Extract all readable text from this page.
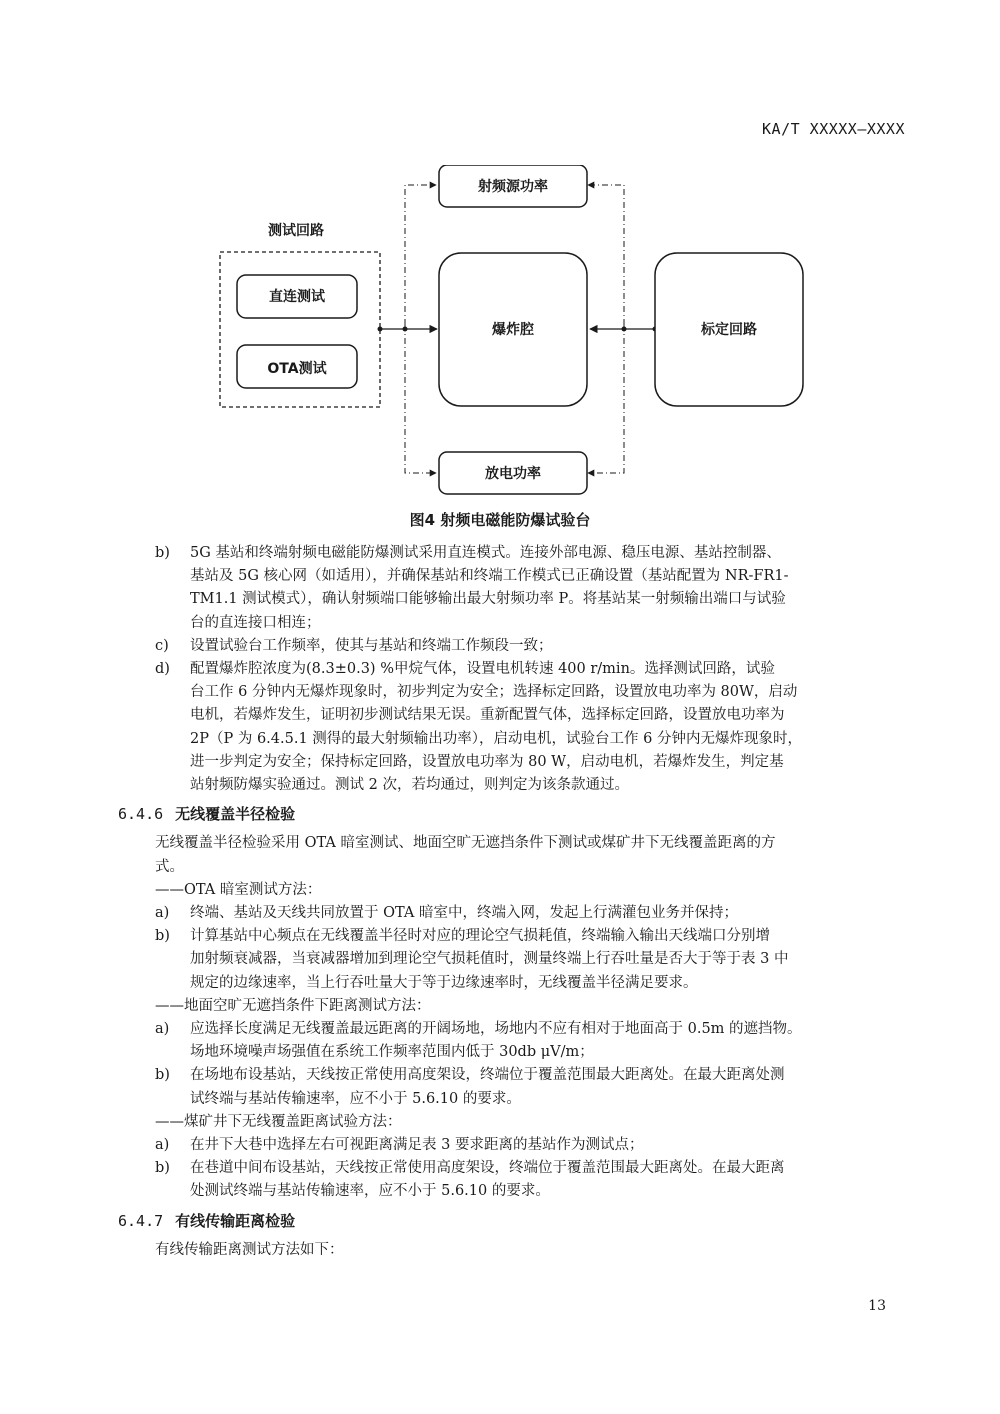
KA/T XXXXX—XXXX
测试回路
直连测试
OTA测试
射频源功率
爆炸腔	标定回路
放电功率
图4 射频电磁能防爆试验台
b) 5G 基站和终端射频电磁能防爆测试采用直连模式。连接外部电源、稳压电源、基站控制器、
基站及 5G 核心网（如适用），并确保基站和终端工作模式已正确设置（基站配置为 NR-FR1-
TM1.1 测试模式），确认射频端口能够输出最大射频功率 P。将基站某一射频输出端口与试验
台的直连接口相连；
c) 设置试验台工作频率，使其与基站和终端工作频段一致；
d) 配置爆炸腔浓度为(8.3±0.3) %甲烷气体，设置电机转速 400 r/min。选择测试回路，试验
台工作 6 分钟内无爆炸现象时，初步判定为安全；选择标定回路，设置放电功率为 80W，启动
电机，若爆炸发生，证明初步测试结果无误。重新配置气体，选择标定回路，设置放电功率为
2P（P 为 6.4.5.1 测得的最大射频输出功率），启动电机，试验台工作 6 分钟内无爆炸现象时，
进一步判定为安全；保持标定回路，设置放电功率为 80 W，启动电机，若爆炸发生，判定基
站射频防爆实验通过。测试 2 次，若均通过，则判定为该条款通过。
6.4.6 无线覆盖半径检验
无线覆盖半径检验采用 OTA 暗室测试、地面空旷无遮挡条件下测试或煤矿井下无线覆盖距离的方
式。
——OTA 暗室测试方法：
a) 终端、基站及天线共同放置于 OTA 暗室中，终端入网，发起上行满灌包业务并保持；
b) 计算基站中心频点在无线覆盖半径时对应的理论空气损耗值，终端输入输出天线端口分别增
加射频衰减器，当衰减器增加到理论空气损耗值时，测量终端上行吞吐量是否大于等于表 3 中
规定的边缘速率，当上行吞吐量大于等于边缘速率时，无线覆盖半径满足要求。
——地面空旷无遮挡条件下距离测试方法：
a) 应选择长度满足无线覆盖最远距离的开阔场地，场地内不应有相对于地面高于 0.5m 的遮挡物。
场地环境噪声场强值在系统工作频率范围内低于 30db μV/m；
b) 在场地布设基站，天线按正常使用高度架设，终端位于覆盖范围最大距离处。在最大距离处测
试终端与基站传输速率，应不小于 5.6.10 的要求。
——煤矿井下无线覆盖距离试验方法：
a) 在井下大巷中选择左右可视距离满足表 3 要求距离的基站作为测试点；
b) 在巷道中间布设基站，天线按正常使用高度架设，终端位于覆盖范围最大距离处。在最大距离
处测试终端与基站传输速率，应不小于 5.6.10 的要求。
6.4.7 有线传输距离检验
有线传输距离测试方法如下：
13
